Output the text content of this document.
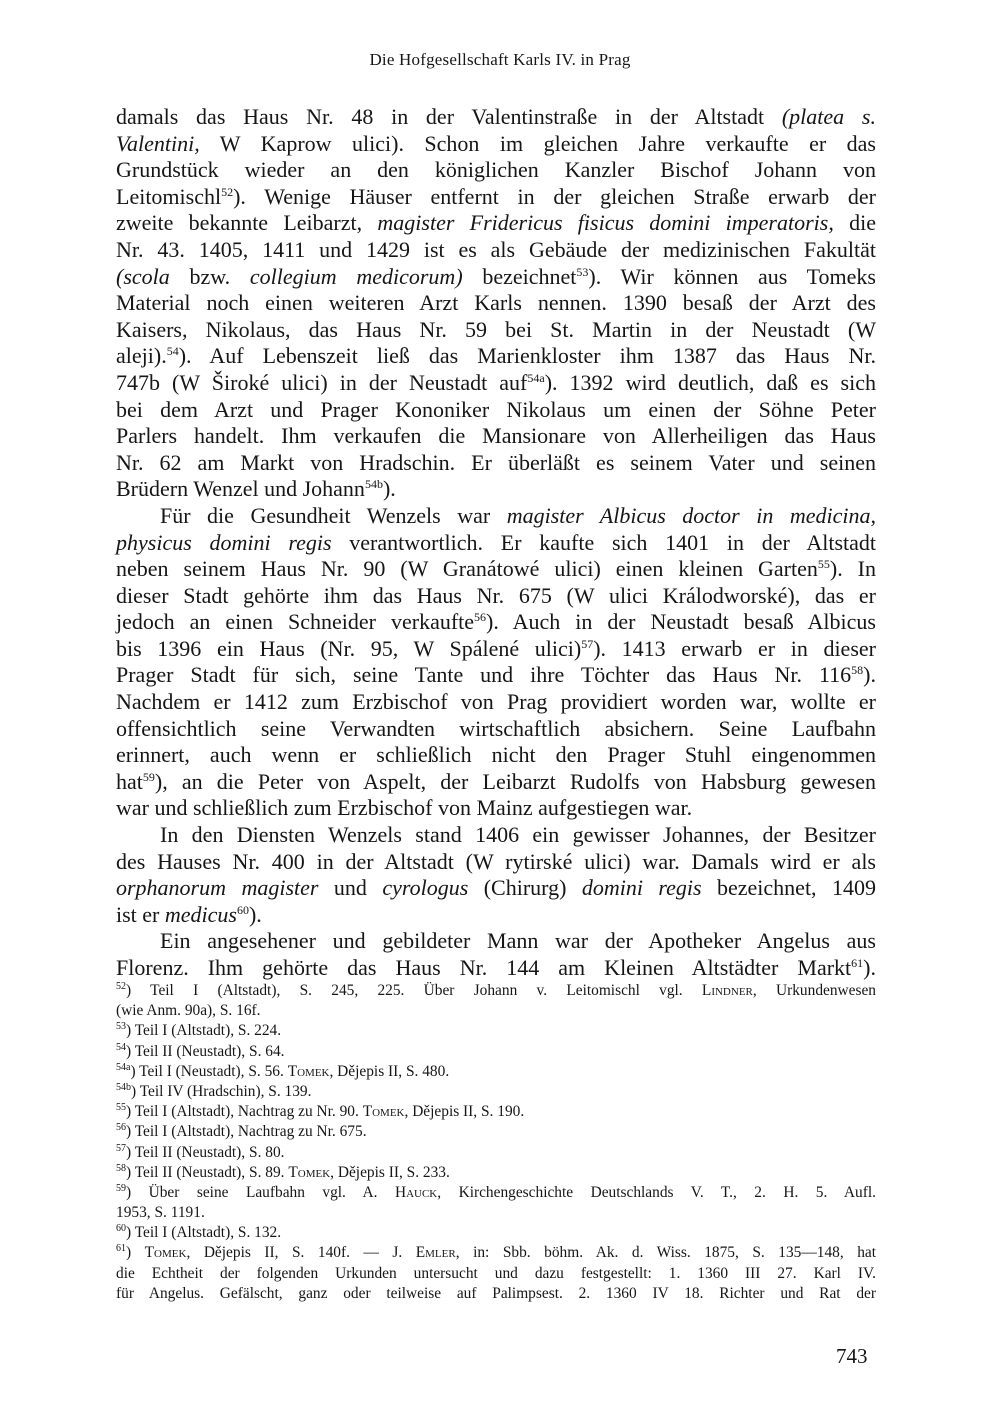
Die Hofgesellschaft Karls IV. in Prag
damals das Haus Nr. 48 in der Valentinstraße in der Altstadt (platea s.
Valentini, W Kaprow ulici). Schon im gleichen Jahre verkaufte er das
Grundstück wieder an den königlichen Kanzler Bischof Johann von
Leitomischl$^{52}$). Wenige Häuser entfernt in der gleichen Straße erwarb der
zweite bekannte Leibarzt, magister Fridericus fisicus domini imperatoris, die
Nr. 43. 1405, 1411 und 1429 ist es als Gebäude der medizinischen Fakultät
(scola bzw. collegium medicorum) bezeichnet$^{53}$). Wir können aus Tomeks
Material noch einen weiteren Arzt Karls nennen. 1390 besaß der Arzt des
Kaisers, Nikolaus, das Haus Nr. 59 bei St. Martin in der Neustadt (W
aleji).$^{54}$). Auf Lebenszeit ließ das Marienkloster ihm 1387 das Haus Nr.
747b (W Široké ulici) in der Neustadt auf$^{54a}$). 1392 wird deutlich, daß es sich
bei dem Arzt und Prager Kononiker Nikolaus um einen der Söhne Peter
Parlers handelt. Ihm verkaufen die Mansionare von Allerheiligen das Haus
Nr. 62 am Markt von Hradschin. Er überläßt es seinem Vater und seinen
Brüdern Wenzel und Johann$^{54b}$).
Für die Gesundheit Wenzels war magister Albicus doctor in medicina,
physicus domini regis verantwortlich. Er kaufte sich 1401 in der Altstadt
neben seinem Haus Nr. 90 (W Granátowé ulici) einen kleinen Garten$^{55}$). In
dieser Stadt gehörte ihm das Haus Nr. 675 (W ulici Králodworské), das er
jedoch an einen Schneider verkaufte$^{56}$). Auch in der Neustadt besaß Albicus
bis 1396 ein Haus (Nr. 95, W Spálené ulici)$^{57}$). 1413 erwarb er in dieser
Prager Stadt für sich, seine Tante und ihre Töchter das Haus Nr. $116^{58}$).
Nachdem er 1412 zum Erzbischof von Prag providiert worden war, wollte er
offensichtlich seine Verwandten wirtschaftlich absichern. Seine Laufbahn
erinnert, auch wenn er schließlich nicht den Prager Stuhl eingenommen
hat$^{59}$), an die Peter von Aspelt, der Leibarzt Rudolfs von Habsburg gewesen
war und schließlich zum Erzbischof von Mainz aufgestiegen war.
In den Diensten Wenzels stand 1406 ein gewisser Johannes, der Besitzer
des Hauses Nr. 400 in der Altstadt (W rytirské ulici) war. Damals wird er als
orphanorum magister und cyrologus (Chirurg) domini regis bezeichnet, 1409
ist er medicus$^{60}$).
Ein angesehener und gebildeter Mann war der Apotheker Angelus aus
Florenz. Ihm gehörte das Haus Nr. 144 am Kleinen Altstädter Markt$^{61}$).
$^{52}$) Teil I (Altstadt), S. 245, 225. Über Johann v. Leitomischl vgl. Lindner, Urkundenwesen
(wie Anm. 90a), S. 16f.
$^{53}$) Teil I (Altstadt), S. 224.
$^{54}$) Teil II (Neustadt), S. 64.
$^{54a}$) Teil I (Neustadt), S. 56. Tomek, Dějepis II, S. 480.
$^{54b}$) Teil IV (Hradschin), S. 139.
$^{55}$) Teil I (Altstadt), Nachtrag zu Nr. 90. Tomek, Dějepis II, S. 190.
$^{56}$) Teil I (Altstadt), Nachtrag zu Nr. 675.
$^{57}$) Teil II (Neustadt), S. 80.
$^{58}$) Teil II (Neustadt), S. 89. Tomek, Dějepis II, S. 233.
$^{59}$) Über seine Laufbahn vgl. A. Hauck, Kirchengeschichte Deutschlands V. T., 2. H. 5. Aufl.
1953, S. 1191.
$^{60}$) Teil I (Altstadt), S. 132.
$^{61}$) Tomek, Dějepis II, S. 140f. — J. Emler, in: Sbb. böhm. Ak. d. Wiss. 1875, S. 135—148, hat
die Echtheit der folgenden Urkunden untersucht und dazu festgestellt: 1. 1360 III 27. Karl IV.
für Angelus. Gefälscht, ganz oder teilweise auf Palimpsest. 2. 1360 IV 18. Richter und Rat der
743
